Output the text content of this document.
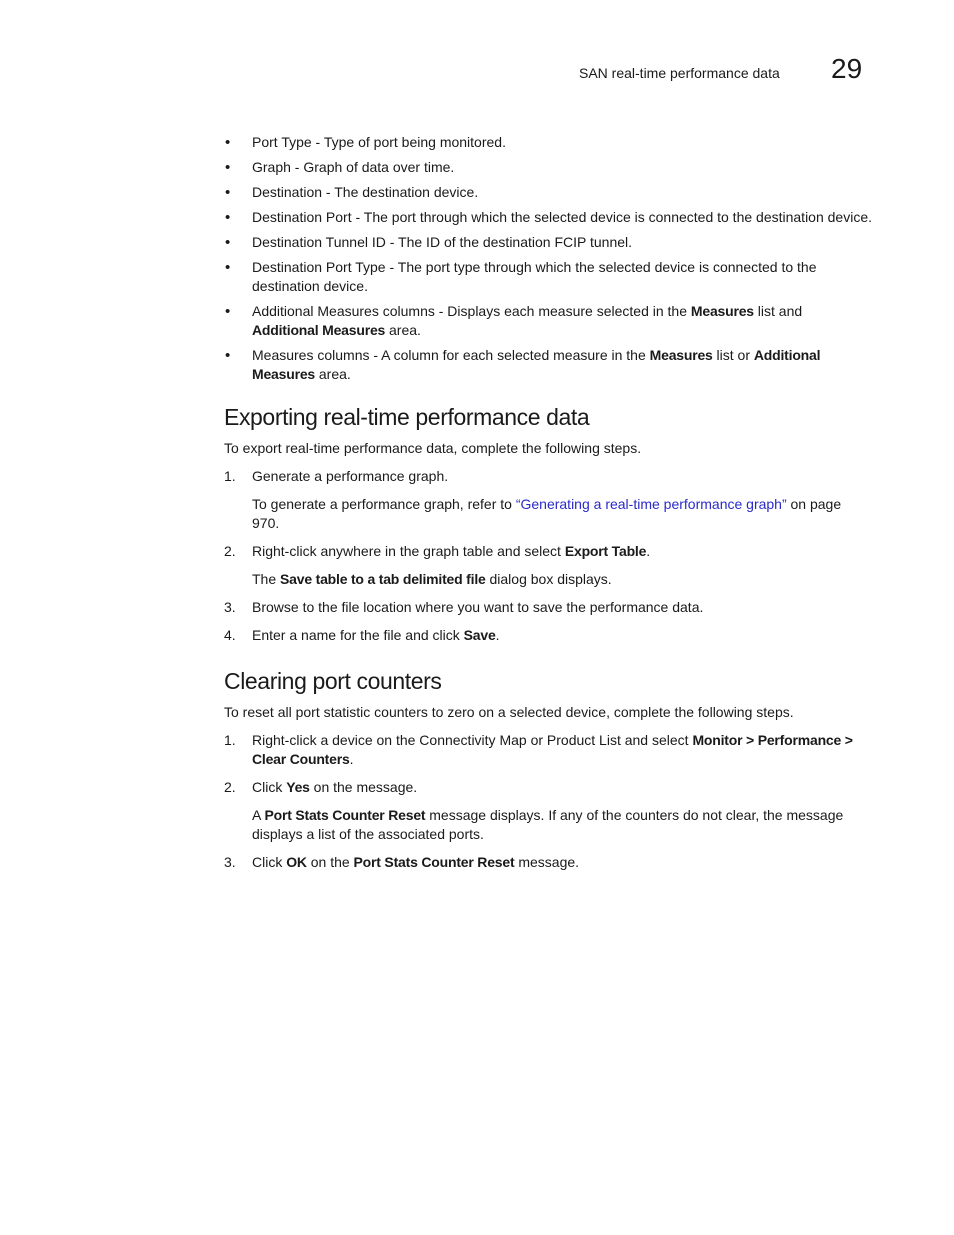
SAN real-time performance data 29
• Port Type - Type of port being monitored.
• Graph - Graph of data over time.
• Destination - The destination device.
• Destination Port - The port through which the selected device is connected to the destination device.
• Destination Tunnel ID - The ID of the destination FCIP tunnel.
• Destination Port Type - The port type through which the selected device is connected to the destination device.
• Additional Measures columns - Displays each measure selected in the Measures list and Additional Measures area.
• Measures columns - A column for each selected measure in the Measures list or Additional Measures area.
Exporting real-time performance data

To export real-time performance data, complete the following steps.

1. Generate a performance graph.
To generate a performance graph, refer to “Generating a real-time performance graph” on page 970.
2. Right-click anywhere in the graph table and select Export Table.
The Save table to a tab delimited file dialog box displays.
3. Browse to the file location where you want to save the performance data.
4. Enter a name for the file and click Save.
Clearing port counters

To reset all port statistic counters to zero on a selected device, complete the following steps.

1. Right-click a device on the Connectivity Map or Product List and select Monitor > Performance > Clear Counters.
2. Click Yes on the message.
A Port Stats Counter Reset message displays. If any of the counters do not clear, the message displays a list of the associated ports.
3. Click OK on the Port Stats Counter Reset message.
